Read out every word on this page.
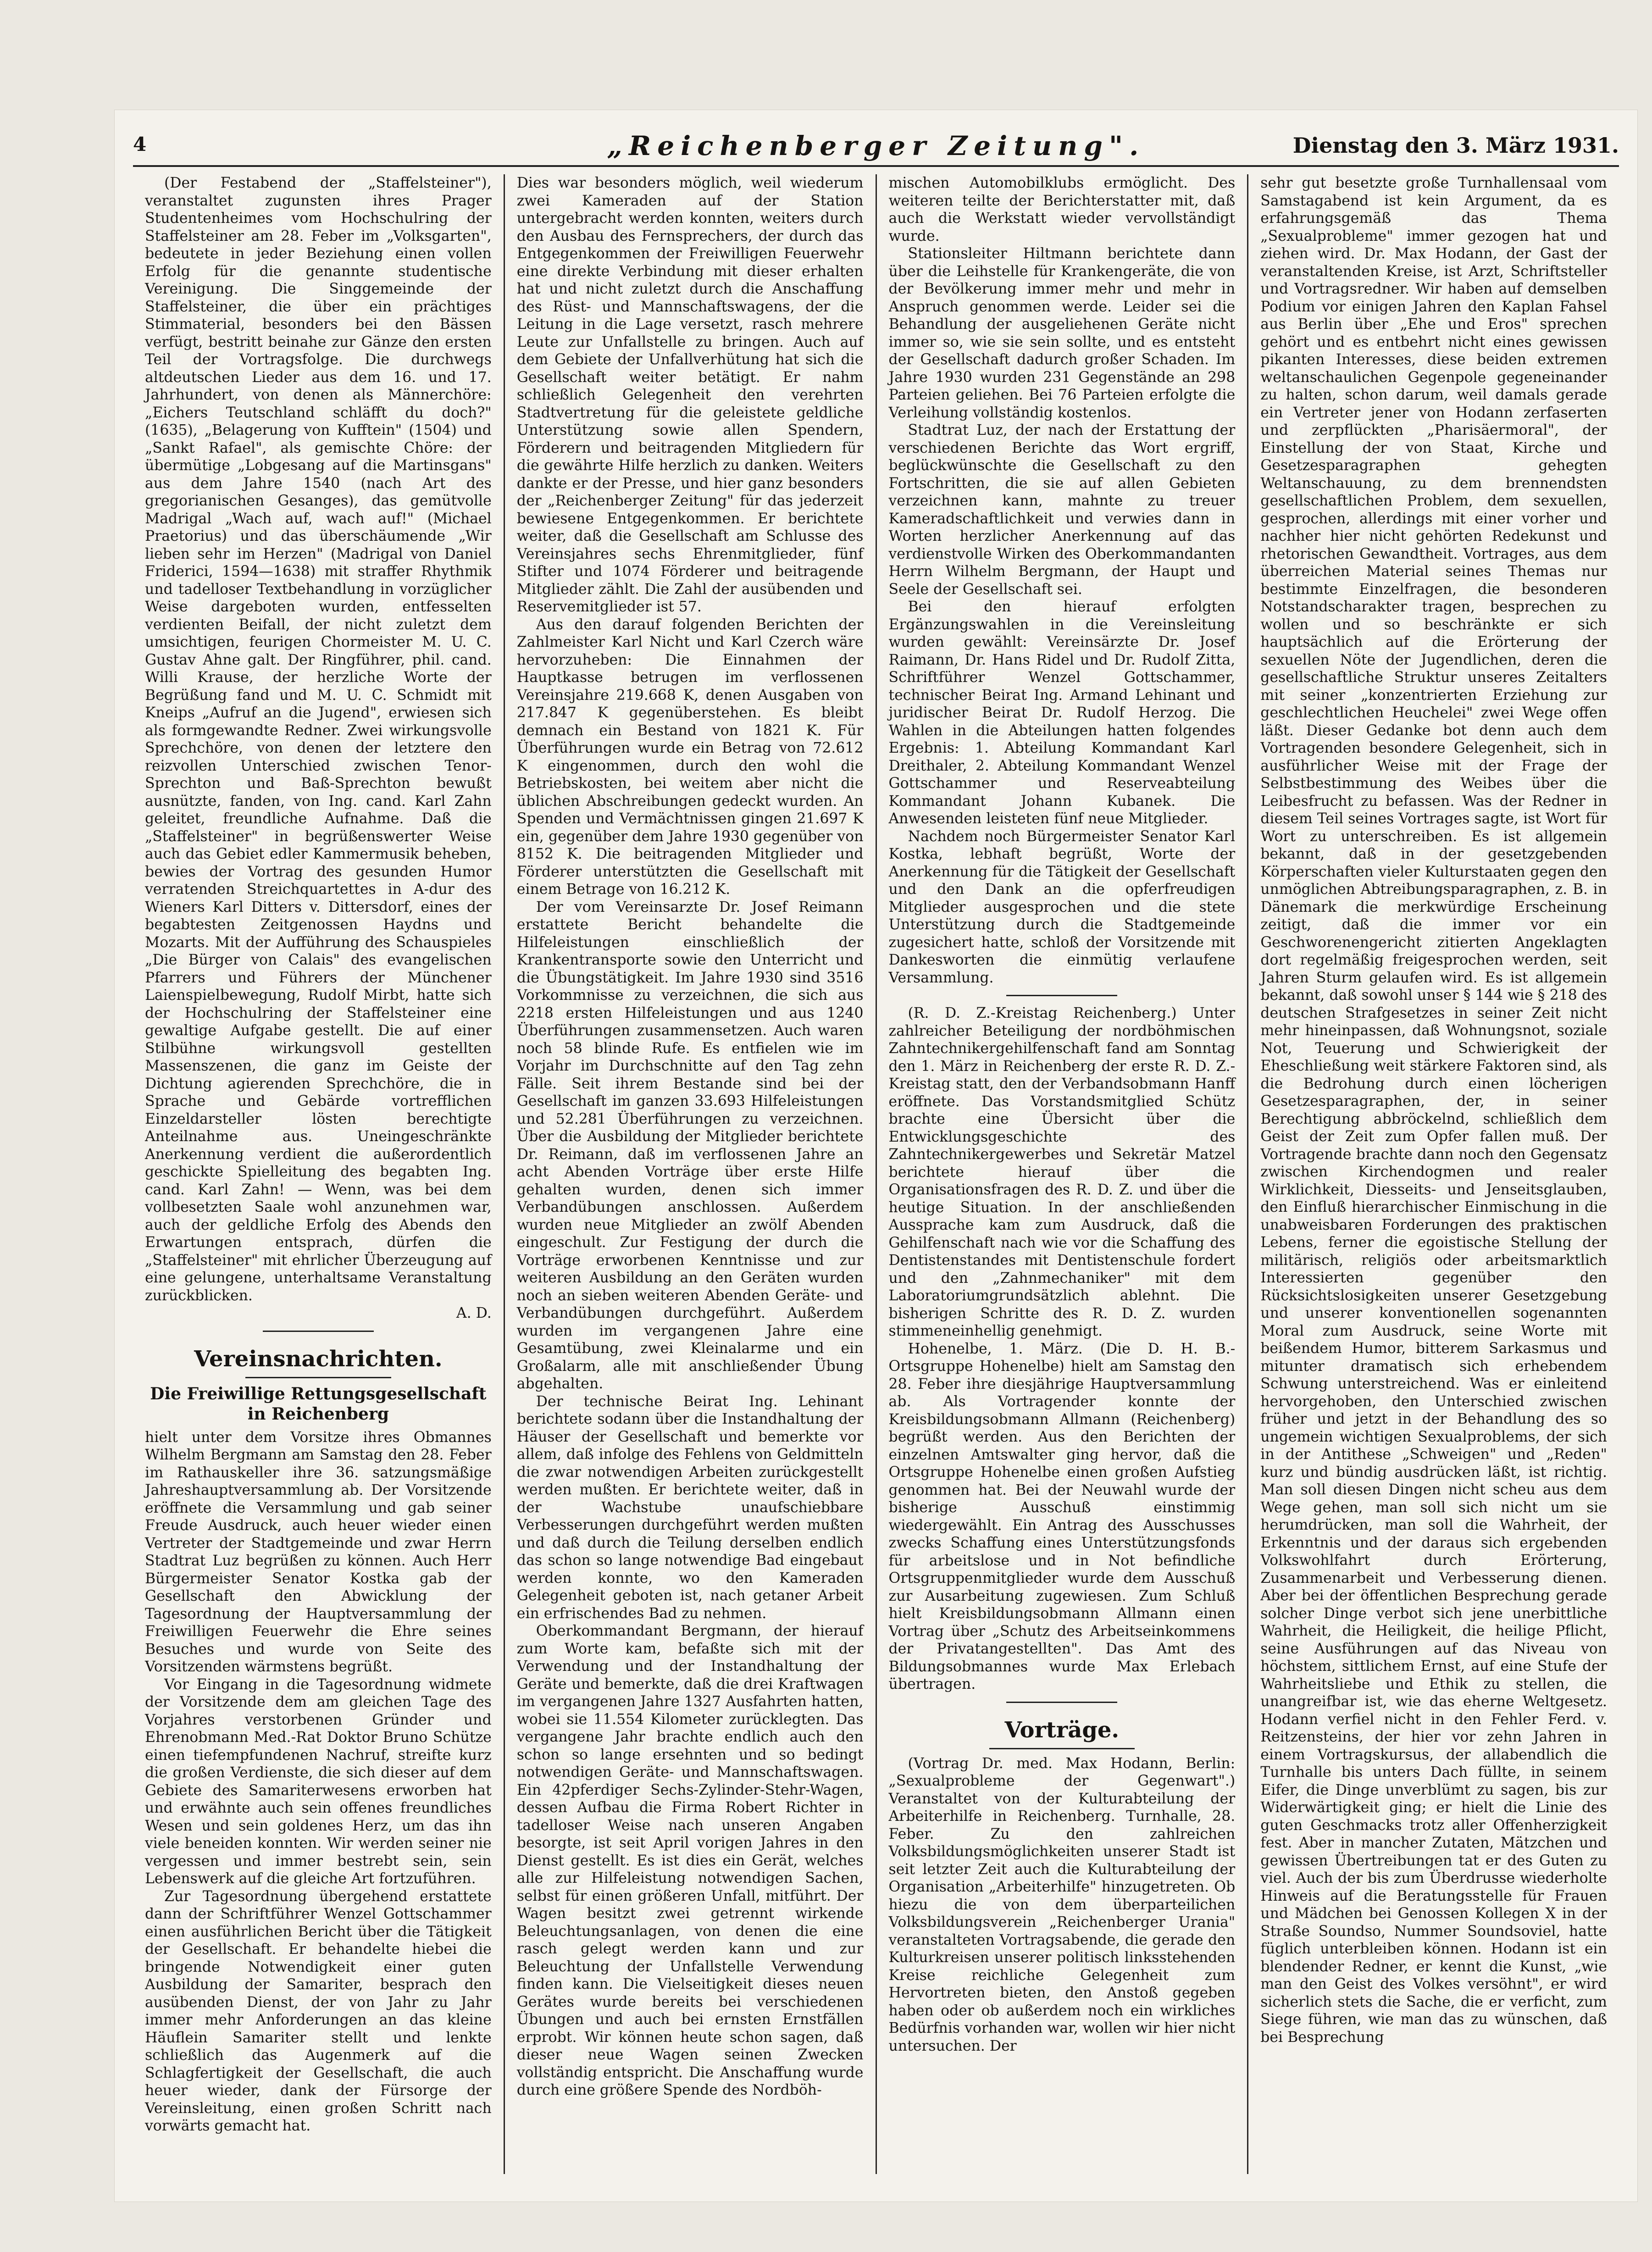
4	„Reichenberger Zeitung".	Dienstag den 3. März 1931.

(Der Festabend der „Staffelsteiner"), veranstaltet zugunsten ihres Prager Studentenheimes vom Hochschulring der Staffelsteiner am 28. Feber im „Volksgarten", bedeutete in jeder Beziehung einen vollen Erfolg für die genannte studentische Vereinigung. Die Singgemeinde der Staffelsteiner, die über ein prächtiges Stimmaterial, besonders bei den Bässen verfügt, bestritt beinahe zur Gänze den ersten Teil der Vortragsfolge. Die durchwegs altdeutschen Lieder aus dem 16. und 17. Jahrhundert, von denen als Männerchöre: „Eichers Teutschland schläfft du doch?" (1635), „Belagerung von Kufftein" (1504) und „Sankt Rafael", als gemischte Chöre: der übermütige „Lobgesang auf die Martinsgans" aus dem Jahre 1540 (nach Art des gregorianischen Gesanges), das gemütvolle Madrigal „Wach auf, wach auf!" (Michael Praetorius) und das überschäumende „Wir lieben sehr im Herzen" (Madrigal von Daniel Friderici, 1594—1638) mit straffer Rhythmik und tadelloser Textbehandlung in vorzüglicher Weise dargeboten wurden, entfesselten verdienten Beifall, der nicht zuletzt dem umsichtigen, feurigen Chormeister M. U. C. Gustav Ahne galt. Der Ringführer, phil. cand. Willi Krause, der herzliche Worte der Begrüßung fand und M. U. C. Schmidt mit Kneips „Aufruf an die Jugend", erwiesen sich als formgewandte Redner. Zwei wirkungsvolle Sprechchöre, von denen der letztere den reizvollen Unterschied zwischen Tenor-Sprechton und Baß-Sprechton bewußt ausnützte, fanden, von Ing. cand. Karl Zahn geleitet, freundliche Aufnahme. Daß die „Staffelsteiner" in begrüßenswerter Weise auch das Gebiet edler Kammermusik beheben, bewies der Vortrag des gesunden Humor verratenden Streichquartettes in A-dur des Wieners Karl Ditters v. Dittersdorf, eines der begabtesten Zeitgenossen Haydns und Mozarts. Mit der Aufführung des Schauspieles „Die Bürger von Calais" des evangelischen Pfarrers und Führers der Münchener Laienspielbewegung, Rudolf Mirbt, hatte sich der Hochschulring der Staffelsteiner eine gewaltige Aufgabe gestellt. Die auf einer Stilbühne wirkungsvoll gestellten Massenszenen, die ganz im Geiste der Dichtung agierenden Sprechchöre, die in Sprache und Gebärde vortrefflichen Einzeldarsteller lösten berechtigte Anteilnahme aus. Uneingeschränkte Anerkennung verdient die außerordentlich geschickte Spielleitung des begabten Ing. cand. Karl Zahn! — Wenn, was bei dem vollbesetzten Saale wohl anzunehmen war, auch der geldliche Erfolg des Abends den Erwartungen entsprach, dürfen die „Staffelsteiner" mit ehrlicher Überzeugung auf eine gelungene, unterhaltsame Veranstaltung zurückblicken.

A. D.

Vereinsnachrichten.
Die Freiwillige Rettungsgesellschaft in Reichenberg

hielt unter dem Vorsitze ihres Obmannes Wilhelm Bergmann am Samstag den 28. Feber im Rathauskeller ihre 36. satzungsmäßige Jahreshauptversammlung ab. Der Vorsitzende eröffnete die Versammlung und gab seiner Freude Ausdruck, auch heuer wieder einen Vertreter der Stadtgemeinde und zwar Herrn Stadtrat Luz begrüßen zu können. Auch Herr Bürgermeister Senator Kostka gab der Gesellschaft den Abwicklung der Tagesordnung der Hauptversammlung der Freiwilligen Feuerwehr die Ehre seines Besuches und wurde von Seite des Vorsitzenden wärmstens begrüßt.

Vor Eingang in die Tagesordnung widmete der Vorsitzende dem am gleichen Tage des Vorjahres verstorbenen Gründer und Ehrenobmann Med.-Rat Doktor Bruno Schütze einen tiefempfundenen Nachruf, streifte kurz die großen Verdienste, die sich dieser auf dem Gebiete des Samariterwesens erworben hat und erwähnte auch sein offenes freundliches Wesen und sein goldenes Herz, um das ihn viele beneiden konnten. Wir werden seiner nie vergessen und immer bestrebt sein, sein Lebenswerk auf die gleiche Art fortzuführen.

Zur Tagesordnung übergehend erstattete dann der Schriftführer Wenzel Gottschammer einen ausführlichen Bericht über die Tätigkeit der Gesellschaft. Er behandelte hiebei die bringende Notwendigkeit einer guten Ausbildung der Samariter, besprach den ausübenden Dienst, der von Jahr zu Jahr immer mehr Anforderungen an das kleine Häuflein Samariter stellt und lenkte schließlich das Augenmerk auf die Schlagfertigkeit der Gesellschaft, die auch heuer wieder, dank der Fürsorge der Vereinsleitung, einen großen Schritt nach vorwärts gemacht hat.

Dies war besonders möglich, weil wiederum zwei Kameraden auf der Station untergebracht werden konnten, weiters durch den Ausbau des Fernsprechers, der durch das Entgegenkommen der Freiwilligen Feuerwehr eine direkte Verbindung mit dieser erhalten hat und nicht zuletzt durch die Anschaffung des Rüst- und Mannschaftswagens, der die Leitung in die Lage versetzt, rasch mehrere Leute zur Unfallstelle zu bringen. Auch auf dem Gebiete der Unfallverhütung hat sich die Gesellschaft weiter betätigt. Er nahm schließlich Gelegenheit den verehrten Stadtvertretung für die geleistete geldliche Unterstützung sowie allen Spendern, Förderern und beitragenden Mitgliedern für die gewährte Hilfe herzlich zu danken. Weiters dankte er der Presse, und hier ganz besonders der „Reichenberger Zeitung" für das jederzeit bewiesene Entgegenkommen. Er berichtete weiter, daß die Gesellschaft am Schlusse des Vereinsjahres sechs Ehrenmitglieder, fünf Stifter und 1074 Förderer und beitragende Mitglieder zählt. Die Zahl der ausübenden und Reservemitglieder ist 57.

Aus den darauf folgenden Berichten der Zahlmeister Karl Nicht und Karl Czerch wäre hervorzuheben: Die Einnahmen der Hauptkasse betrugen im verflossenen Vereinsjahre 219.668 K, denen Ausgaben von 217.847 K gegenüberstehen. Es bleibt demnach ein Bestand von 1821 K. Für Überführungen wurde ein Betrag von 72.612 K eingenommen, durch den wohl die Betriebskosten, bei weitem aber nicht die üblichen Abschreibungen gedeckt wurden. An Spenden und Vermächtnissen gingen 21.697 K ein, gegenüber dem Jahre 1930 gegenüber von 8152 K. Die beitragenden Mitglieder und Förderer unterstützten die Gesellschaft mit einem Betrage von 16.212 K.

Der vom Vereinsarzte Dr. Josef Reimann erstattete Bericht behandelte die Hilfeleistungen einschließlich der Krankentransporte sowie den Unterricht und die Übungstätigkeit. Im Jahre 1930 sind 3516 Vorkommnisse zu verzeichnen, die sich aus 2218 ersten Hilfeleistungen und aus 1240 Überführungen zusammensetzen. Auch waren noch 58 blinde Rufe. Es entfielen wie im Vorjahr im Durchschnitte auf den Tag zehn Fälle. Seit ihrem Bestande sind bei der Gesellschaft im ganzen 33.693 Hilfeleistungen und 52.281 Überführungen zu verzeichnen. Über die Ausbildung der Mitglieder berichtete Dr. Reimann, daß im verflossenen Jahre an acht Abenden Vorträge über erste Hilfe gehalten wurden, denen sich immer Verbandübungen anschlossen. Außerdem wurden neue Mitglieder an zwölf Abenden eingeschult. Zur Festigung der durch die Vorträge erworbenen Kenntnisse und zur weiteren Ausbildung an den Geräten wurden noch an sieben weiteren Abenden Geräte- und Verbandübungen durchgeführt. Außerdem wurden im vergangenen Jahre eine Gesamtübung, zwei Kleinalarme und ein Großalarm, alle mit anschließender Übung abgehalten.

Der technische Beirat Ing. Lehinant berichtete sodann über die Instandhaltung der Häuser der Gesellschaft und bemerkte vor allem, daß infolge des Fehlens von Geldmitteln die zwar notwendigen Arbeiten zurückgestellt werden mußten. Er berichtete weiter, daß in der Wachstube unaufschiebbare Verbesserungen durchgeführt werden mußten und daß durch die Teilung derselben endlich das schon so lange notwendige Bad eingebaut werden konnte, wo den Kameraden Gelegenheit geboten ist, nach getaner Arbeit ein erfrischendes Bad zu nehmen.

Oberkommandant Bergmann, der hierauf zum Worte kam, befaßte sich mit der Verwendung und der Instandhaltung der Geräte und bemerkte, daß die drei Kraftwagen im vergangenen Jahre 1327 Ausfahrten hatten, wobei sie 11.554 Kilometer zurücklegten. Das vergangene Jahr brachte endlich auch den schon so lange ersehnten und so bedingt notwendigen Geräte- und Mannschaftswagen. Ein 42pferdiger Sechs-Zylinder-Stehr-Wagen, dessen Aufbau die Firma Robert Richter in tadelloser Weise nach unseren Angaben besorgte, ist seit April vorigen Jahres in den Dienst gestellt. Es ist dies ein Gerät, welches alle zur Hilfeleistung notwendigen Sachen, selbst für einen größeren Unfall, mitführt. Der Wagen besitzt zwei getrennt wirkende Beleuchtungsanlagen, von denen die eine rasch gelegt werden kann und zur Beleuchtung der Unfallstelle Verwendung finden kann. Die Vielseitigkeit dieses neuen Gerätes wurde bereits bei verschiedenen Übungen und auch bei ernsten Ernstfällen erprobt. Wir können heute schon sagen, daß dieser neue Wagen seinen Zwecken vollständig entspricht. Die Anschaffung wurde durch eine größere Spende des Nordböh-

mischen Automobilklubs ermöglicht. Des weiteren teilte der Berichterstatter mit, daß auch die Werkstatt wieder vervollständigt wurde.

Stationsleiter Hiltmann berichtete dann über die Leihstelle für Krankengeräte, die von der Bevölkerung immer mehr und mehr in Anspruch genommen werde. Leider sei die Behandlung der ausgeliehenen Geräte nicht immer so, wie sie sein sollte, und es entsteht der Gesellschaft dadurch großer Schaden. Im Jahre 1930 wurden 231 Gegenstände an 298 Parteien geliehen. Bei 76 Parteien erfolgte die Verleihung vollständig kostenlos.

Stadtrat Luz, der nach der Erstattung der verschiedenen Berichte das Wort ergriff, beglückwünschte die Gesellschaft zu den Fortschritten, die sie auf allen Gebieten verzeichnen kann, mahnte zu treuer Kameradschaftlichkeit und verwies dann in Worten herzlicher Anerkennung auf das verdienstvolle Wirken des Oberkommandanten Herrn Wilhelm Bergmann, der Haupt und Seele der Gesellschaft sei.

Bei den hierauf erfolgten Ergänzungswahlen in die Vereinsleitung wurden gewählt: Vereinsärzte Dr. Josef Raimann, Dr. Hans Ridel und Dr. Rudolf Zitta, Schriftführer Wenzel Gottschammer, technischer Beirat Ing. Armand Lehinant und juridischer Beirat Dr. Rudolf Herzog. Die Wahlen in die Abteilungen hatten folgendes Ergebnis: 1. Abteilung Kommandant Karl Dreithaler, 2. Abteilung Kommandant Wenzel Gottschammer und Reserveabteilung Kommandant Johann Kubanek. Die Anwesenden leisteten fünf neue Mitglieder.

Nachdem noch Bürgermeister Senator Karl Kostka, lebhaft begrüßt, Worte der Anerkennung für die Tätigkeit der Gesellschaft und den Dank an die opferfreudigen Mitglieder ausgesprochen und die stete Unterstützung durch die Stadtgemeinde zugesichert hatte, schloß der Vorsitzende mit Dankesworten die einmütig verlaufene Versammlung.

(R. D. Z.-Kreistag Reichenberg.) Unter zahlreicher Beteiligung der nordböhmischen Zahntechnikergehilfenschaft fand am Sonntag den 1. März in Reichenberg der erste R. D. Z.-Kreistag statt, den der Verbandsobmann Hanff eröffnete. Das Vorstandsmitglied Schütz brachte eine Übersicht über die Entwicklungsgeschichte des Zahntechnikergewerbes und Sekretär Matzel berichtete hierauf über die Organisationsfragen des R. D. Z. und über die heutige Situation. In der anschließenden Aussprache kam zum Ausdruck, daß die Gehilfenschaft nach wie vor die Schaffung des Dentistenstandes mit Dentistenschule fordert und den „Zahnmechaniker" mit dem Laboratoriumgrundsätzlich ablehnt. Die bisherigen Schritte des R. D. Z. wurden stimmeneinhellig genehmigt.

Hohenelbe, 1. März. (Die D. H. B.-Ortsgruppe Hohenelbe) hielt am Samstag den 28. Feber ihre diesjährige Hauptversammlung ab. Als Vortragender konnte der Kreisbildungsobmann Allmann (Reichenberg) begrüßt werden. Aus den Berichten der einzelnen Amtswalter ging hervor, daß die Ortsgruppe Hohenelbe einen großen Aufstieg genommen hat. Bei der Neuwahl wurde der bisherige Ausschuß einstimmig wiedergewählt. Ein Antrag des Ausschusses zwecks Schaffung eines Unterstützungsfonds für arbeitslose und in Not befindliche Ortsgruppenmitglieder wurde dem Ausschuß zur Ausarbeitung zugewiesen. Zum Schluß hielt Kreisbildungsobmann Allmann einen Vortrag über „Schutz des Arbeitseinkommens der Privatangestellten". Das Amt des Bildungsobmannes wurde Max Erlebach übertragen.

Vorträge.

(Vortrag Dr. med. Max Hodann, Berlin: „Sexualprobleme der Gegenwart".) Veranstaltet von der Kulturabteilung der Arbeiterhilfe in Reichenberg. Turnhalle, 28. Feber. Zu den zahlreichen Volksbildungsmöglichkeiten unserer Stadt ist seit letzter Zeit auch die Kulturabteilung der Organisation „Arbeiterhilfe" hinzugetreten. Ob hiezu die von dem überparteilichen Volksbildungsverein „Reichenberger Urania" veranstalteten Vortragsabende, die gerade den Kulturkreisen unserer politisch linksstehenden Kreise reichliche Gelegenheit zum Hervortreten bieten, den Anstoß gegeben haben oder ob außerdem noch ein wirkliches Bedürfnis vorhanden war, wollen wir hier nicht untersuchen. Der

sehr gut besetzte große Turnhallensaal vom Samstagabend ist kein Argument, da es erfahrungsgemäß das Thema „Sexualprobleme" immer gezogen hat und ziehen wird. Dr. Max Hodann, der Gast der veranstaltenden Kreise, ist Arzt, Schriftsteller und Vortragsredner. Wir haben auf demselben Podium vor einigen Jahren den Kaplan Fahsel aus Berlin über „Ehe und Eros" sprechen gehört und es entbehrt nicht eines gewissen pikanten Interesses, diese beiden extremen weltanschaulichen Gegenpole gegeneinander zu halten, schon darum, weil damals gerade ein Vertreter jener von Hodann zerfaserten und zerpflückten „Pharisäermoral", der Einstellung der von Staat, Kirche und Gesetzesparagraphen gehegten Weltanschauung, zu dem brennendsten gesellschaftlichen Problem, dem sexuellen, gesprochen, allerdings mit einer vorher und nachher hier nicht gehörten Redekunst und rhetorischen Gewandtheit. Vortrages, aus dem überreichen Material seines Themas nur bestimmte Einzelfragen, die besonderen Notstandscharakter tragen, besprechen zu wollen und so beschränkte er sich hauptsächlich auf die Erörterung der sexuellen Nöte der Jugendlichen, deren die gesellschaftliche Struktur unseres Zeitalters mit seiner „konzentrierten Erziehung zur geschlechtlichen Heuchelei" zwei Wege offen läßt. Dieser Gedanke bot denn auch dem Vortragenden besondere Gelegenheit, sich in ausführlicher Weise mit der Frage der Selbstbestimmung des Weibes über die Leibesfrucht zu befassen. Was der Redner in diesem Teil seines Vortrages sagte, ist Wort für Wort zu unterschreiben. Es ist allgemein bekannt, daß in der gesetzgebenden Körperschaften vieler Kulturstaaten gegen den unmöglichen Abtreibungsparagraphen, z. B. in Dänemark die merkwürdige Erscheinung zeitigt, daß die immer vor ein Geschworenengericht zitierten Angeklagten dort regelmäßig freigesprochen werden, seit Jahren Sturm gelaufen wird. Es ist allgemein bekannt, daß sowohl unser § 144 wie § 218 des deutschen Strafgesetzes in seiner Zeit nicht mehr hineinpassen, daß Wohnungsnot, soziale Not, Teuerung und Schwierigkeit der Eheschließung weit stärkere Faktoren sind, als die Bedrohung durch einen löcherigen Gesetzesparagraphen, der, in seiner Berechtigung abbröckelnd, schließlich dem Geist der Zeit zum Opfer fallen muß. Der Vortragende brachte dann noch den Gegensatz zwischen Kirchendogmen und realer Wirklichkeit, Diesseits- und Jenseitsglauben, den Einfluß hierarchischer Einmischung in die unabweisbaren Forderungen des praktischen Lebens, ferner die egoistische Stellung der militärisch, religiös oder arbeitsmarktlich Interessierten gegenüber den Rücksichtslosigkeiten unserer Gesetzgebung und unserer konventionellen sogenannten Moral zum Ausdruck, seine Worte mit beißendem Humor, bitterem Sarkasmus und mitunter dramatisch sich erhebendem Schwung unterstreichend. Was er einleitend hervorgehoben, den Unterschied zwischen früher und jetzt in der Behandlung des so ungemein wichtigen Sexualproblems, der sich in der Antithese „Schweigen" und „Reden" kurz und bündig ausdrücken läßt, ist richtig. Man soll diesen Dingen nicht scheu aus dem Wege gehen, man soll sich nicht um sie herumdrücken, man soll die Wahrheit, der Erkenntnis und der daraus sich ergebenden Volkswohlfahrt durch Erörterung, Zusammenarbeit und Verbesserung dienen. Aber bei der öffentlichen Besprechung gerade solcher Dinge verbot sich jene unerbittliche Wahrheit, die Heiligkeit, die heilige Pflicht, seine Ausführungen auf das Niveau von höchstem, sittlichem Ernst, auf eine Stufe der Wahrheitsliebe und Ethik zu stellen, die unangreifbar ist, wie das eherne Weltgesetz. Hodann verfiel nicht in den Fehler Ferd. v. Reitzensteins, der hier vor zehn Jahren in einem Vortragskursus, der allabendlich die Turnhalle bis unters Dach füllte, in seinem Eifer, die Dinge unverblümt zu sagen, bis zur Widerwärtigkeit ging; er hielt die Linie des guten Geschmacks trotz aller Offenherzigkeit fest. Aber in mancher Zutaten, Mätzchen und gewissen Übertreibungen tat er des Guten zu viel. Auch der bis zum Überdrusse wiederholte Hinweis auf die Beratungsstelle für Frauen und Mädchen bei Genossen Kollegen X in der Straße Soundso, Nummer Soundsoviel, hatte füglich unterbleiben können. Hodann ist ein blendender Redner, er kennt die Kunst, „wie man den Geist des Volkes versöhnt", er wird sicherlich stets die Sache, die er verficht, zum Siege führen, wie man das zu wünschen, daß bei Besprechung
